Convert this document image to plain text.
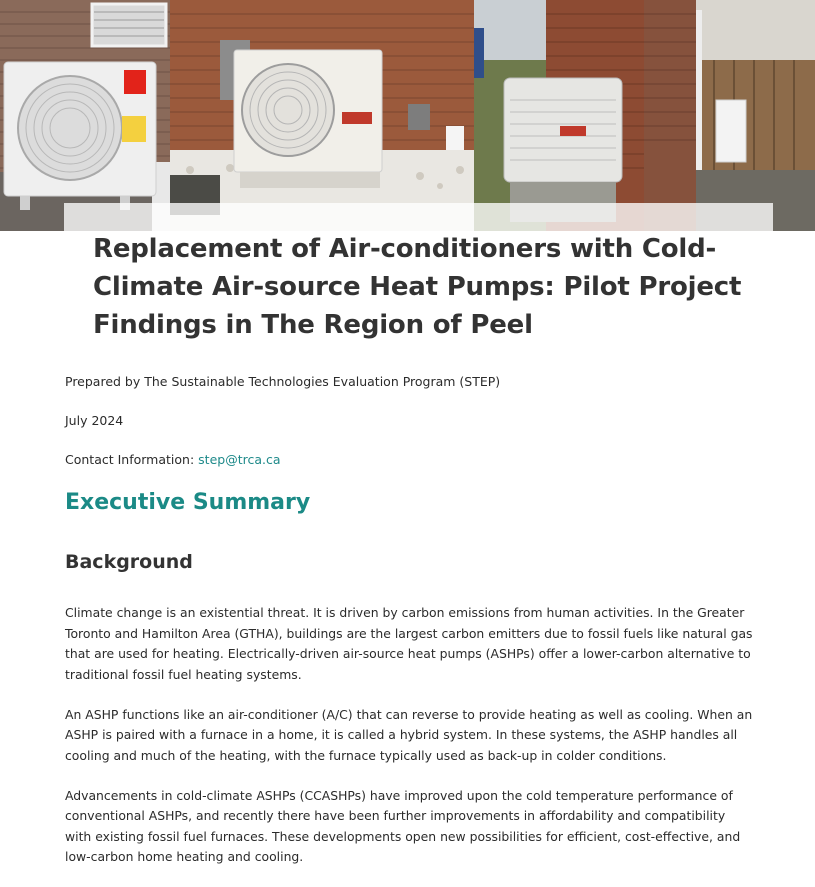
Replacement of Air-conditioners with Cold-Climate Air-source Heat Pumps: Pilot Project Findings in The Region of Peel

Prepared by The Sustainable Technologies Evaluation Program (STEP)

July 2024

Contact Information: step@trca.ca

Executive Summary
Background

Climate change is an existential threat. It is driven by carbon emissions from human activities. In the Greater Toronto and Hamilton Area (GTHA), buildings are the largest carbon emitters due to fossil fuels like natural gas that are used for heating. Electrically-driven air-source heat pumps (ASHPs) offer a lower-carbon alternative to traditional fossil fuel heating systems.

An ASHP functions like an air-conditioner (A/C) that can reverse to provide heating as well as cooling. When an ASHP is paired with a furnace in a home, it is called a hybrid system. In these systems, the ASHP handles all cooling and much of the heating, with the furnace typically used as back-up in colder conditions.

Advancements in cold-climate ASHPs (CCASHPs) have improved upon the cold temperature performance of conventional ASHPs, and recently there have been further improvements in affordability and compatibility with existing fossil fuel furnaces. These developments open new possibilities for efficient, cost-effective, and low-carbon home heating and cooling.
